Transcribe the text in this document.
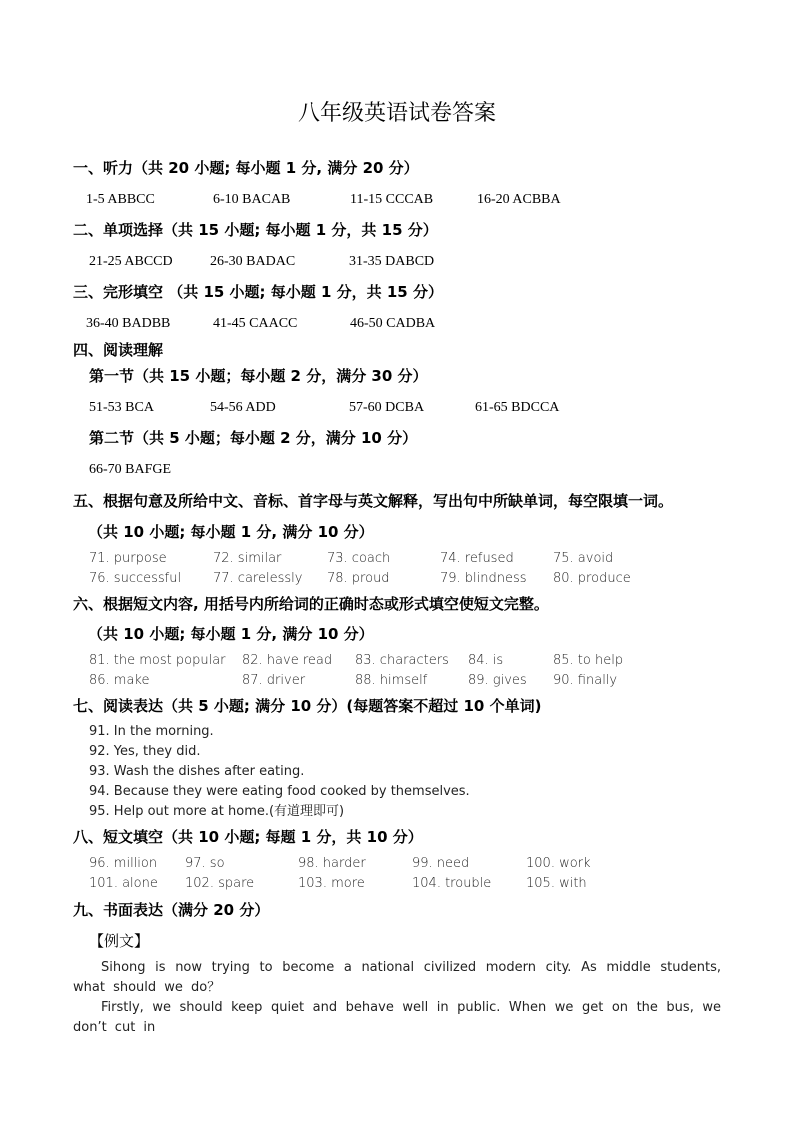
八年级英语试卷答案
一、听力（共 20 小题; 每小题 1 分, 满分 20 分）
1-5 ABBCC	6-10 BACAB	11-15 CCCAB	16-20 ACBBA
二、单项选择（共 15 小题; 每小题 1 分，共 15 分）
21-25 ABCCD	26-30 BADAC	31-35 DABCD
三、完形填空 （共 15 小题; 每小题 1 分，共 15 分）
36-40 BADBB	41-45 CAACC	46-50 CADBA
四、阅读理解
第一节（共 15 小题；每小题 2 分，满分 30 分）
51-53 BCA	54-56 ADD	57-60 DCBA	61-65 BDCCA
第二节（共 5 小题；每小题 2 分，满分 10 分）
66-70 BAFGE
五、根据句意及所给中文、音标、首字母与英文解释，写出句中所缺单词，每空限填一词。
（共 10 小题; 每小题 1 分, 满分 10 分）
71. purpose	72. similar	73. coach	74. refused	75. avoid
76. successful 77. carelessly 78. proud	79. blindness 80. produce
六、根据短文内容, 用括号内所给词的正确时态或形式填空使短文完整。
（共 10 小题; 每小题 1 分, 满分 10 分）
81. the most popular 82. have read 83. characters 84. is	85. to help
86. make	87. driver	88. himself	89. gives 90. finally
七、阅读表达（共 5 小题; 满分 10 分）(每题答案不超过 10 个单词)
91. In the morning.
92. Yes, they did.
93. Wash the dishes after eating.
94. Because they were eating food cooked by themselves.
95. Help out more at home.(有道理即可)
八、短文填空（共 10 小题; 每题 1 分，共 10 分）
96. million 97. so	98. harder	99. need	100. work
101. alone 102. spare	103. more	104. trouble	105. with
九、书面表达（满分 20 分）
【例文】
Sihong is now trying to become a national civilized modern city. As middle students, what should we do？
Firstly, we should keep quiet and behave well in public. When we get on the bus, we don’t cut in
